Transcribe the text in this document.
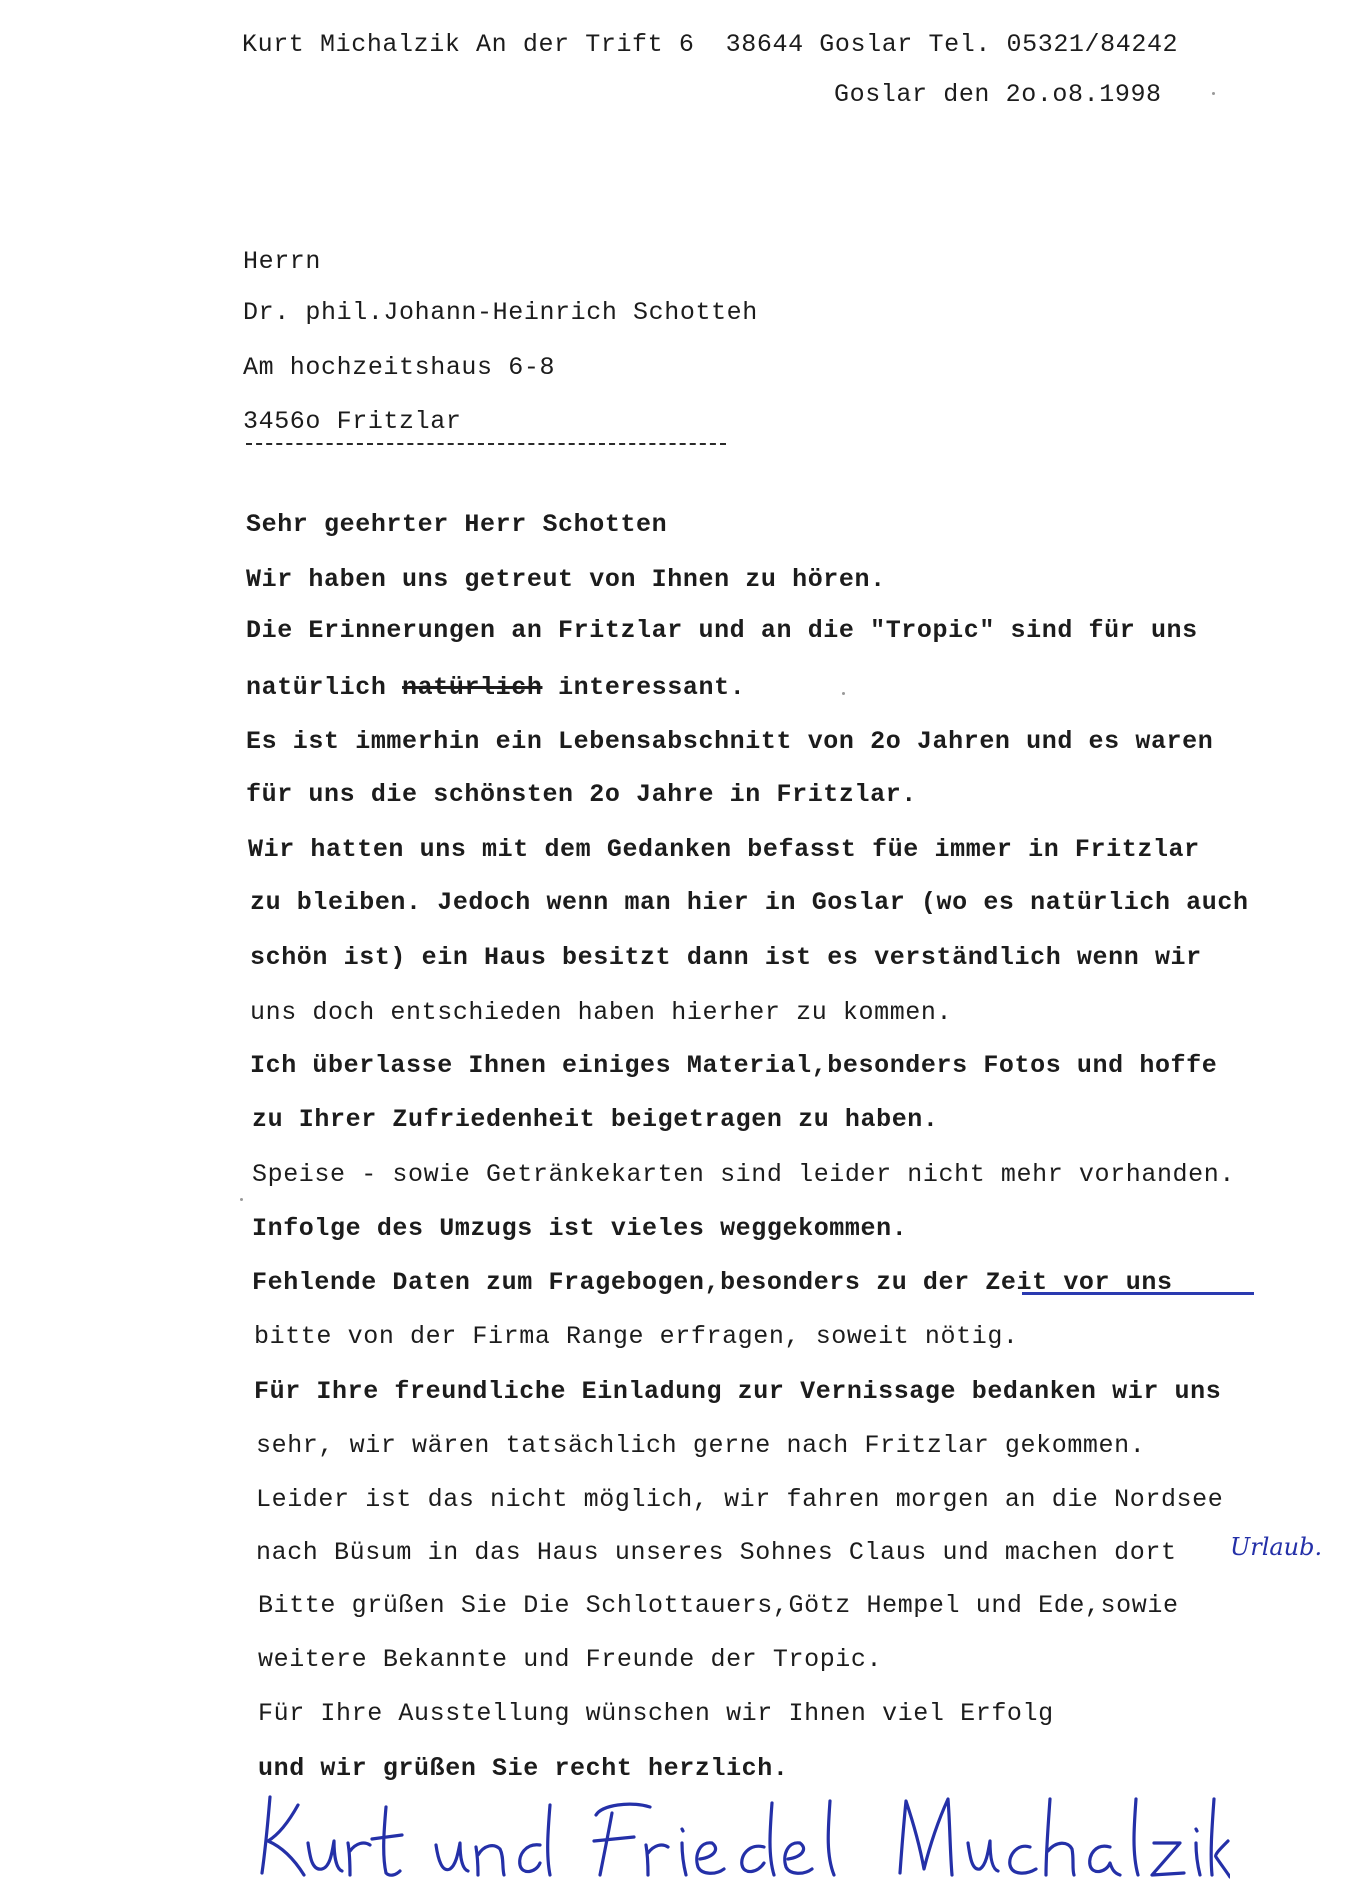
Kurt Michalzik An der Trift 6  38644 Goslar Tel. 05321/84242
Goslar den 2o.o8.1998
Herrn
Dr. phil.Johann-Heinrich Schotteh
Am hochzeitshaus 6-8
3456o Fritzlar
Sehr geehrter Herr Schotten
Wir haben uns getreut von Ihnen zu hören.
Die Erinnerungen an Fritzlar und an die "Tropic" sind für uns
natürlich natürlich interessant.
Es ist immerhin ein Lebensabschnitt von 2o Jahren und es waren
für uns die schönsten 2o Jahre in Fritzlar.
Wir hatten uns mit dem Gedanken befasst füe immer in Fritzlar
zu bleiben. Jedoch wenn man hier in Goslar (wo es natürlich auch
schön ist) ein Haus besitzt dann ist es verständlich wenn wir
uns doch entschieden haben hierher zu kommen.
Ich überlasse Ihnen einiges Material,besonders Fotos und hoffe
zu Ihrer Zufriedenheit beigetragen zu haben.
Speise - sowie Getränkekarten sind leider nicht mehr vorhanden.
Infolge des Umzugs ist vieles weggekommen.
Fehlende Daten zum Fragebogen,besonders zu der Zeit vor uns
bitte von der Firma Range erfragen, soweit nötig.
Für Ihre freundliche Einladung zur Vernissage bedanken wir uns
sehr, wir wären tatsächlich gerne nach Fritzlar gekommen.
Leider ist das nicht möglich, wir fahren morgen an die Nordsee
nach Büsum in das Haus unseres Sohnes Claus und machen dort Urlaub.
Bitte grüßen Sie Die Schlottauers,Götz Hempel und Ede,sowie
weitere Bekannte und Freunde der Tropic.
Für Ihre Ausstellung wünschen wir Ihnen viel Erfolg
und wir grüßen Sie recht herzlich.
